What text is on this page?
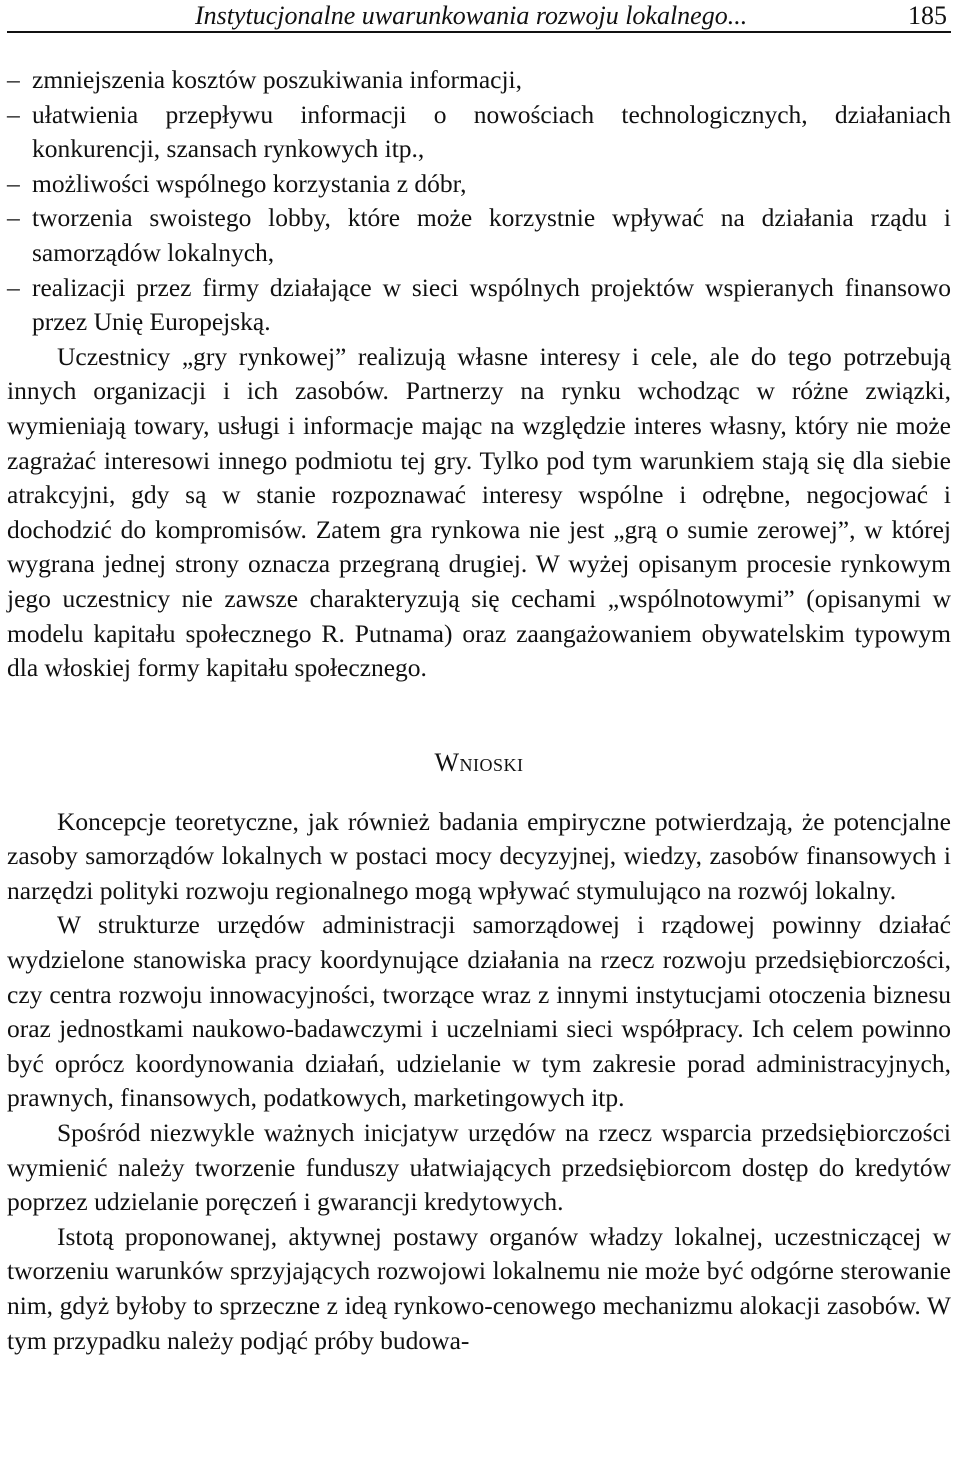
Instytucjonalne uwarunkowania rozwoju lokalnego...	185
– zmniejszenia kosztów poszukiwania informacji,
– ułatwienia przepływu informacji o nowościach technologicznych, działaniach konkurencji, szansach rynkowych itp.,
– możliwości wspólnego korzystania z dóbr,
– tworzenia swoistego lobby, które może korzystnie wpływać na działania rządu i samorządów lokalnych,
– realizacji przez firmy działające w sieci wspólnych projektów wspieranych finansowo przez Unię Europejską.

Uczestnicy „gry rynkowej” realizują własne interesy i cele, ale do tego potrzebują innych organizacji i ich zasobów. Partnerzy na rynku wchodząc w różne związki, wymieniają towary, usługi i informacje mając na względzie interes własny, który nie może zagrażać interesowi innego podmiotu tej gry. Tylko pod tym warunkiem stają się dla siebie atrakcyjni, gdy są w stanie rozpoznawać interesy wspólne i odrębne, negocjować i dochodzić do kompromisów. Zatem gra rynkowa nie jest „grą o sumie zerowej”, w której wygrana jednej strony oznacza przegraną drugiej. W wyżej opisanym procesie rynkowym jego uczestnicy nie zawsze charakteryzują się cechami „wspólnotowymi” (opisanymi w modelu kapitału społecznego R. Putnama) oraz zaangażowaniem obywatelskim typowym dla włoskiej formy kapitału społecznego.

Wnioski

Koncepcje teoretyczne, jak również badania empiryczne potwierdzają, że potencjalne zasoby samorządów lokalnych w postaci mocy decyzyjnej, wiedzy, zasobów finansowych i narzędzi polityki rozwoju regionalnego mogą wpływać stymulująco na rozwój lokalny.

W strukturze urzędów administracji samorządowej i rządowej powinny działać wydzielone stanowiska pracy koordynujące działania na rzecz rozwoju przedsiębiorczości, czy centra rozwoju innowacyjności, tworzące wraz z innymi instytucjami otoczenia biznesu oraz jednostkami naukowo-badawczymi i uczelniami sieci współpracy. Ich celem powinno być oprócz koordynowania działań, udzielanie w tym zakresie porad administracyjnych, prawnych, finansowych, podatkowych, marketingowych itp.

Spośród niezwykle ważnych inicjatyw urzędów na rzecz wsparcia przedsiębiorczości wymienić należy tworzenie funduszy ułatwiających przedsiębiorcom dostęp do kredytów poprzez udzielanie poręczeń i gwarancji kredytowych.

Istotą proponowanej, aktywnej postawy organów władzy lokalnej, uczestniczącej w tworzeniu warunków sprzyjających rozwojowi lokalnemu nie może być odgórne sterowanie nim, gdyż byłoby to sprzeczne z ideą rynkowo-cenowego mechanizmu alokacji zasobów. W tym przypadku należy podjąć próby budowa-
